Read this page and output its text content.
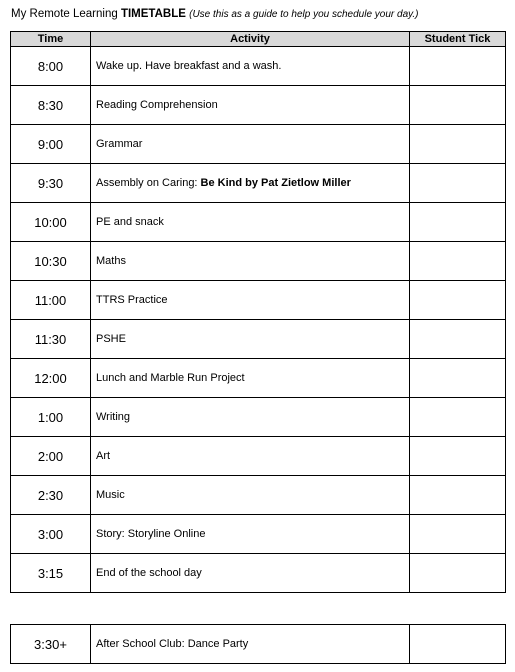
My Remote Learning TIMETABLE (Use this as a guide to help you schedule your day.)
Time	Activity	Student Tick
8:00	Wake up. Have breakfast and a wash.	
8:30	Reading Comprehension	
9:00	Grammar	
9:30	Assembly on Caring: Be Kind by Pat Zietlow Miller	
10:00	PE and snack	
10:30	Maths	
11:00	TTRS Practice	
11:30	PSHE	
12:00	Lunch and Marble Run Project	
1:00	Writing	
2:00	Art	
2:30	Music	
3:00	Story: Storyline Online	
3:15	End of the school day	
3:30+	After School Club: Dance Party	
